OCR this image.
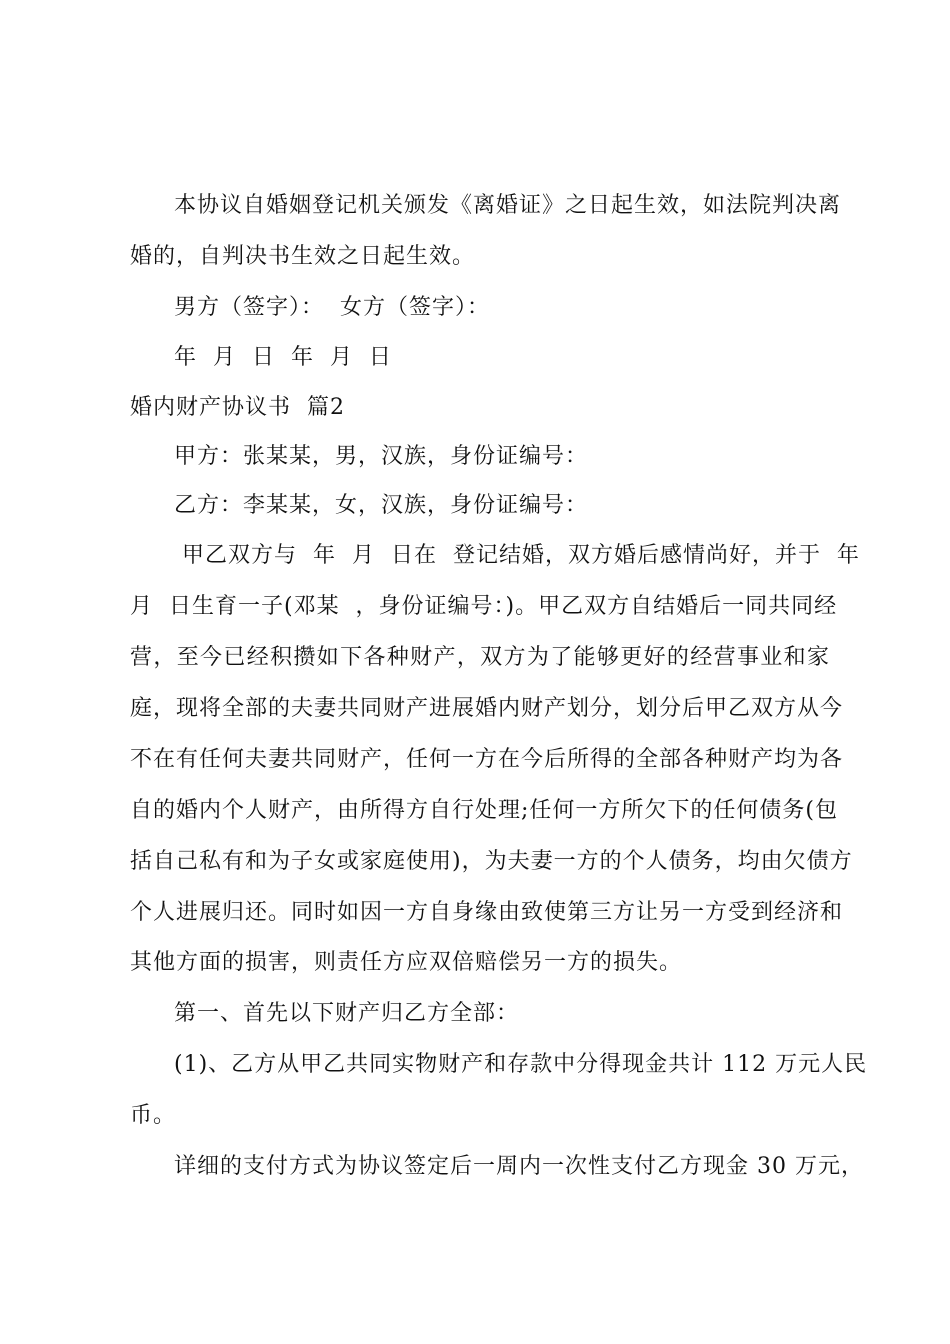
本协议自婚姻登记机关颁发《离婚证》之日起生效，如法院判决离
婚的，自判决书生效之日起生效。
男方（签字）：  女方（签字）：
年  月  日  年  月  日
婚内财产协议书  篇2
甲方：张某某，男，汉族，身份证编号：
乙方：李某某，女，汉族，身份证编号：
甲乙双方与  年  月  日在  登记结婚，双方婚后感情尚好，并于  年
月  日生育一子(邓某  ，身份证编号：)。甲乙双方自结婚后一同共同经
营，至今已经积攒如下各种财产，双方为了能够更好的经营事业和家
庭，现将全部的夫妻共同财产进展婚内财产划分，划分后甲乙双方从今
不在有任何夫妻共同财产，任何一方在今后所得的全部各种财产均为各
自的婚内个人财产，由所得方自行处理;任何一方所欠下的任何债务(包
括自己私有和为子女或家庭使用)，为夫妻一方的个人债务，均由欠债方
个人进展归还。同时如因一方自身缘由致使第三方让另一方受到经济和
其他方面的损害，则责任方应双倍赔偿另一方的损失。
第一、首先以下财产归乙方全部：
(1)、乙方从甲乙共同实物财产和存款中分得现金共计 112 万元人民
币。
详细的支付方式为协议签定后一周内一次性支付乙方现金 30 万元，
